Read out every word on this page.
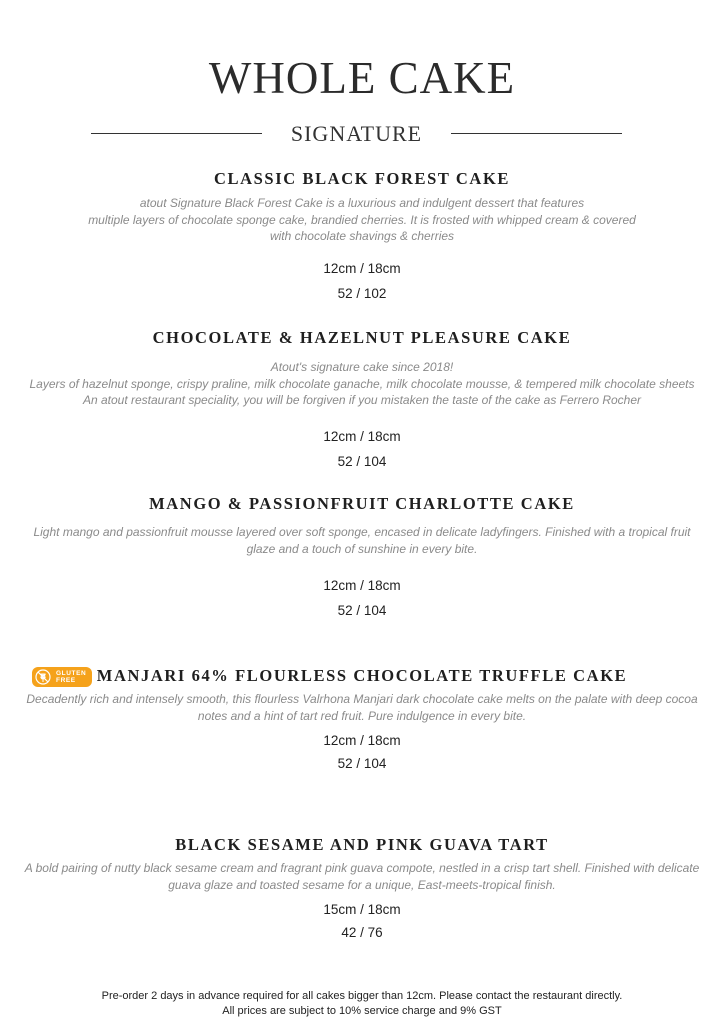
WHOLE CAKE
SIGNATURE
CLASSIC BLACK FOREST CAKE
atout Signature Black Forest Cake is a luxurious and indulgent dessert that features
multiple layers of chocolate sponge cake, brandied cherries. It is frosted with whipped cream & covered
with chocolate shavings & cherries
12cm / 18cm
52 / 102
CHOCOLATE & HAZELNUT PLEASURE CAKE
Atout's signature cake since 2018!
Layers of hazelnut sponge, crispy praline, milk chocolate ganache, milk chocolate mousse, & tempered milk chocolate sheets
An atout restaurant speciality, you will be forgiven if you mistaken the taste of the cake as Ferrero Rocher
12cm / 18cm
52 / 104
MANGO & PASSIONFRUIT CHARLOTTE CAKE
Light mango and passionfruit mousse layered over soft sponge, encased in delicate ladyfingers. Finished with a tropical fruit
glaze and a touch of sunshine in every bite.
12cm / 18cm
52 / 104
GLUTEN
FREE	MANJARI 64% FLOURLESS CHOCOLATE TRUFFLE CAKE
Decadently rich and intensely smooth, this flourless Valrhona Manjari dark chocolate cake melts on the palate with deep cocoa
notes and a hint of tart red fruit. Pure indulgence in every bite.
12cm / 18cm
52 / 104
BLACK SESAME AND PINK GUAVA TART
A bold pairing of nutty black sesame cream and fragrant pink guava compote, nestled in a crisp tart shell. Finished with delicate
guava glaze and toasted sesame for a unique, East-meets-tropical finish.
15cm / 18cm
42 / 76
Pre-order 2 days in advance required for all cakes bigger than 12cm. Please contact the restaurant directly.
All prices are subject to 10% service charge and 9% GST
